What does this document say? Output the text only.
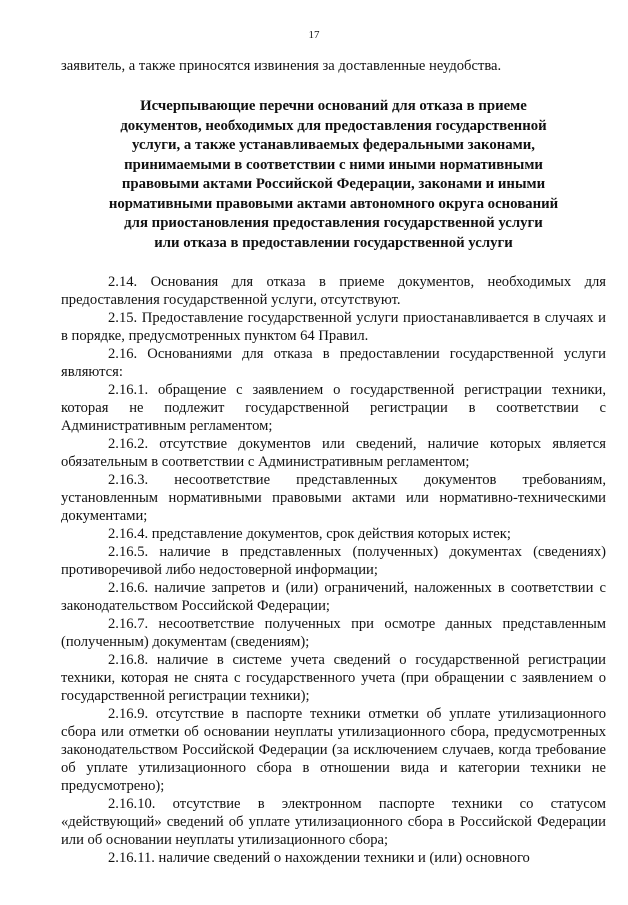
17

заявитель, а также приносятся извинения за доставленные неудобства.

Исчерпывающие перечни оснований для отказа в приеме
документов, необходимых для предоставления государственной
услуги, а также устанавливаемых федеральными законами,
принимаемыми в соответствии с ними иными нормативными
правовыми актами Российской Федерации, законами и иными
нормативными правовыми актами автономного округа оснований
для приостановления предоставления государственной услуги
или отказа в предоставлении государственной услуги

2.14. Основания для отказа в приеме документов, необходимых для предоставления государственной услуги, отсутствуют.

2.15. Предоставление государственной услуги приостанавливается в случаях и в порядке, предусмотренных пунктом 64 Правил.

2.16. Основаниями для отказа в предоставлении государственной услуги являются:

2.16.1. обращение с заявлением о государственной регистрации техники, которая не подлежит государственной регистрации в соответствии с Административным регламентом;

2.16.2. отсутствие документов или сведений, наличие которых является обязательным в соответствии с Административным регламентом;

2.16.3. несоответствие представленных документов требованиям, установленным нормативными правовыми актами или нормативно-техническими документами;

2.16.4. представление документов, срок действия которых истек;

2.16.5. наличие в представленных (полученных) документах (сведениях) противоречивой либо недостоверной информации;

2.16.6. наличие запретов и (или) ограничений, наложенных в соответствии с законодательством Российской Федерации;

2.16.7. несоответствие полученных при осмотре данных представленным (полученным) документам (сведениям);

2.16.8. наличие в системе учета сведений о государственной регистрации техники, которая не снята с государственного учета (при обращении с заявлением о государственной регистрации техники);

2.16.9. отсутствие в паспорте техники отметки об уплате утилизационного сбора или отметки об основании неуплаты утилизационного сбора, предусмотренных законодательством Российской Федерации (за исключением случаев, когда требование об уплате утилизационного сбора в отношении вида и категории техники не предусмотрено);

2.16.10. отсутствие в электронном паспорте техники со статусом «действующий» сведений об уплате утилизационного сбора в Российской Федерации или об основании неуплаты утилизационного сбора;

2.16.11. наличие сведений о нахождении техники и (или) основного
